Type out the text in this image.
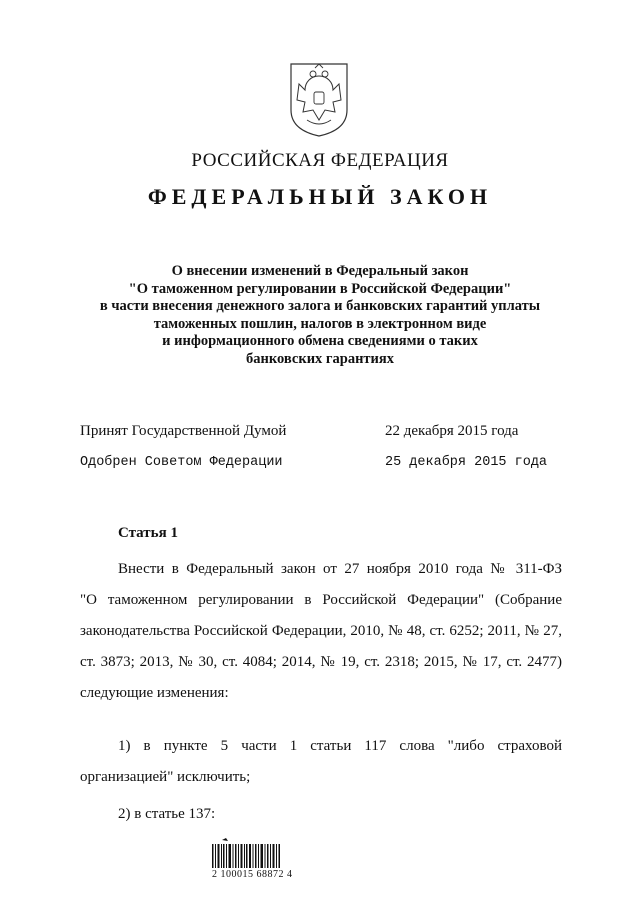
РОССИЙСКАЯ ФЕДЕРАЦИЯ
ФЕДЕРАЛЬНЫЙ ЗАКОН
О внесении изменений в Федеральный закон
"О таможенном регулировании в Российской Федерации"
в части внесения денежного залога и банковских гарантий уплаты
таможенных пошлин, налогов в электронном виде
и информационного обмена сведениями о таких
банковских гарантиях
Принят Государственной Думой	22 декабря 2015 года
Одобрен Советом Федерации	25 декабря 2015 года
Статья 1
Внести в Федеральный закон от 27 ноября 2010 года № 311-ФЗ
"О таможенном регулировании в Российской Федерации" (Собрание
законодательства Российской Федерации, 2010, № 48, ст. 6252; 2011, № 27,
ст. 3873; 2013, № 30, ст. 4084; 2014, № 19, ст. 2318; 2015, № 17, ст. 2477)
следующие изменения:
1) в пункте 5 части 1 статьи 117 слова "либо страховой
организацией" исключить;
2) в статье 137:
2 100015 68872 4
